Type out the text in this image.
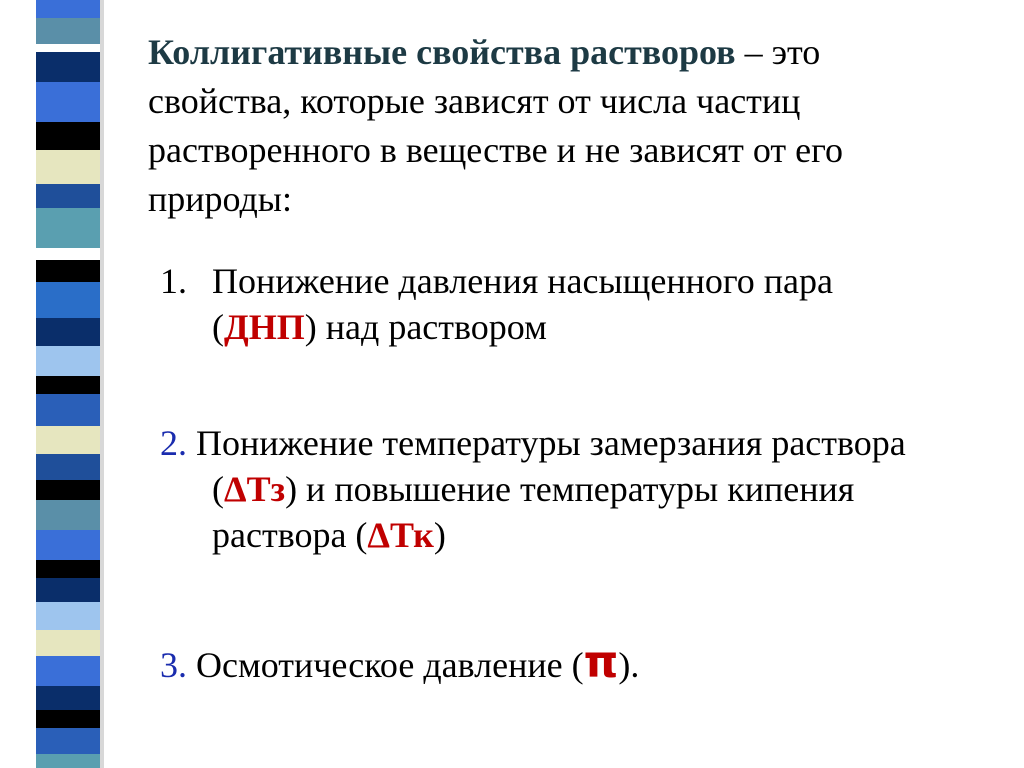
Коллигативные свойства растворов – это
свойства, которые зависят от числа частиц
растворенного в веществе и не зависят от его
природы:
1. Понижение давления насыщенного пара
(ДНП) над раствором
2. Понижение температуры замерзания раствора
(ΔТз) и повышение температуры кипения
раствора (ΔТк)
3. Осмотическое давление (π).
